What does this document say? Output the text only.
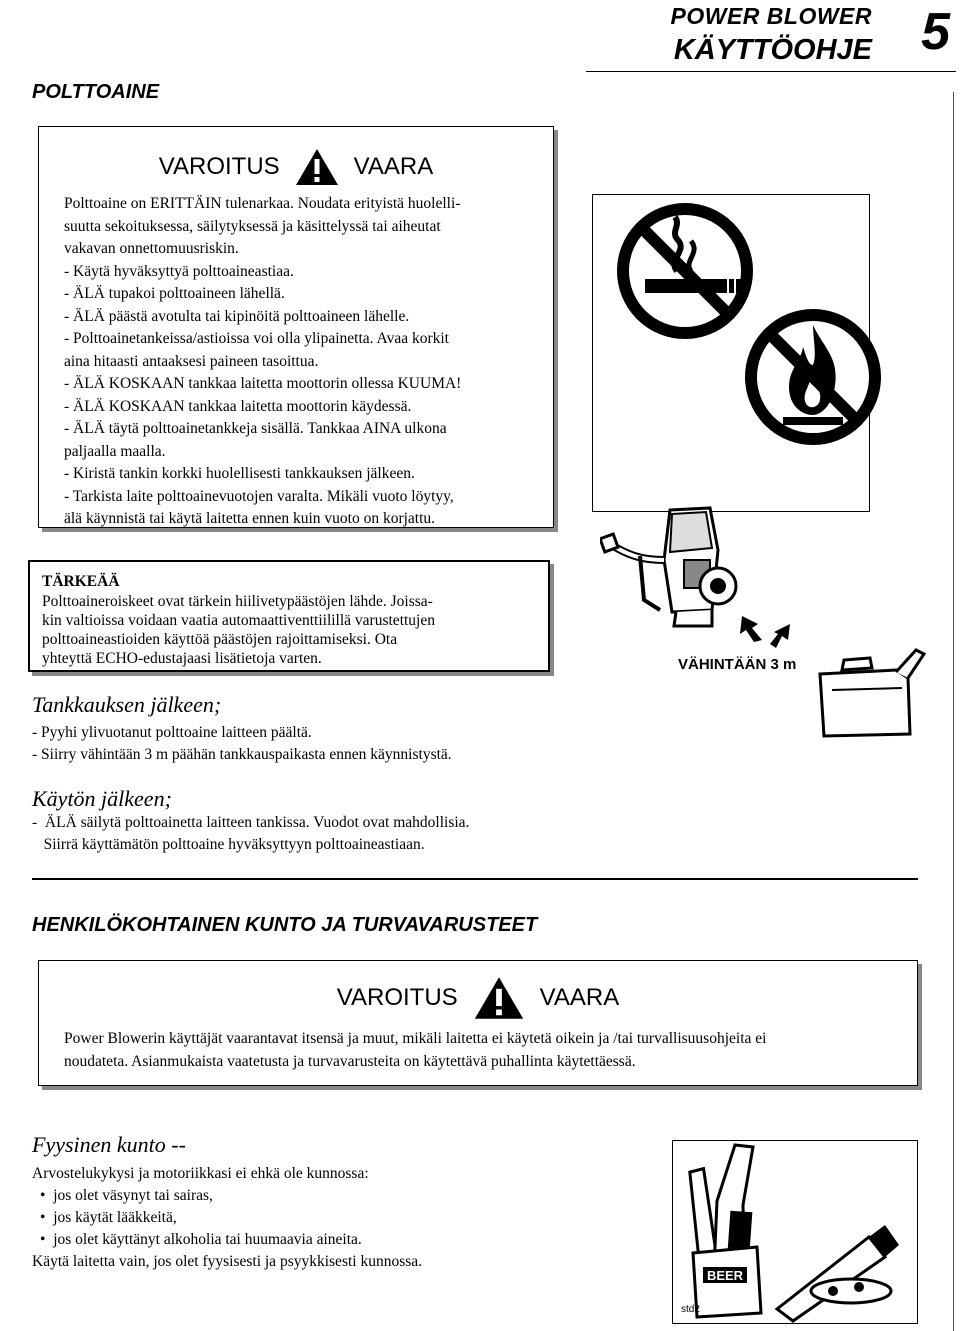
POWER BLOWER
KÄYTTÖOHJE 5
POLTTOAINE
VAROITUS	VAARA
Polttoaine on ERITTÄIN tulenarkaa. Noudata erityistä huolelli-
suutta sekoituksessa, säilytyksessä ja käsittelyssä tai aiheutat
vakavan onnettomuusriskin.
- Käytä hyväksyttyä polttoaineastiaa.
- ÄLÄ tupakoi polttoaineen lähellä.
- ÄLÄ päästä avotulta tai kipinöitä polttoaineen lähelle.
- Polttoainetankeissa/astioissa voi olla ylipainetta. Avaa korkit
aina hitaasti antaaksesi paineen tasoittua.
- ÄLÄ KOSKAAN tankkaa laitetta moottorin ollessa KUUMA!
- ÄLÄ KOSKAAN tankkaa laitetta moottorin käydessä.
- ÄLÄ täytä polttoainetankkeja sisällä. Tankkaa AINA ulkona
paljaalla maalla.
- Kiristä tankin korkki huolellisesti tankkauksen jälkeen.
- Tarkista laite polttoainevuotojen varalta. Mikäli vuoto löytyy,
älä käynnistä tai käytä laitetta ennen kuin vuoto on korjattu.
TÄRKEÄÄ
Polttoaineroiskeet ovat tärkein hiilivetypäästöjen lähde. Joissa-
kin valtioissa voidaan vaatia automaattiventtiilillä varustettujen
polttoaineastioiden käyttöä päästöjen rajoittamiseksi. Ota
yhteyttä ECHO-edustajaasi lisätietoja varten.	VÄHINTÄÄN 3 m
Tankkauksen jälkeen;
- Pyyhi ylivuotanut polttoaine laitteen päältä.
- Siirry vähintään 3 m päähän tankkauspaikasta ennen käynnistystä.
Käytön jälkeen;
-  ÄLÄ säilytä polttoainetta laitteen tankissa. Vuodot ovat mahdollisia.
Siirrä käyttämätön polttoaine hyväksyttyyn polttoaineastiaan.
HENKILÖKOHTAINEN KUNTO JA TURVAVARUSTEET
VAROITUS	VAARA
Power Blowerin käyttäjät vaarantavat itsensä ja muut, mikäli laitetta ei käytetä oikein ja /tai turvallisuusohjeita ei
noudateta. Asianmukaista vaatetusta ja turvavarusteita on käytettävä puhallinta käytettäessä.
Fyysinen kunto --
Arvostelukykysi ja motoriikkasi ei ehkä ole kunnossa:
•  jos olet väsynyt tai sairas,
•  jos käytät lääkkeitä,
•  jos olet käyttänyt alkoholia tai huumaavia aineita.
Käytä laitetta vain, jos olet fyysisesti ja psyykkisesti kunnossa.
BEER
std2
